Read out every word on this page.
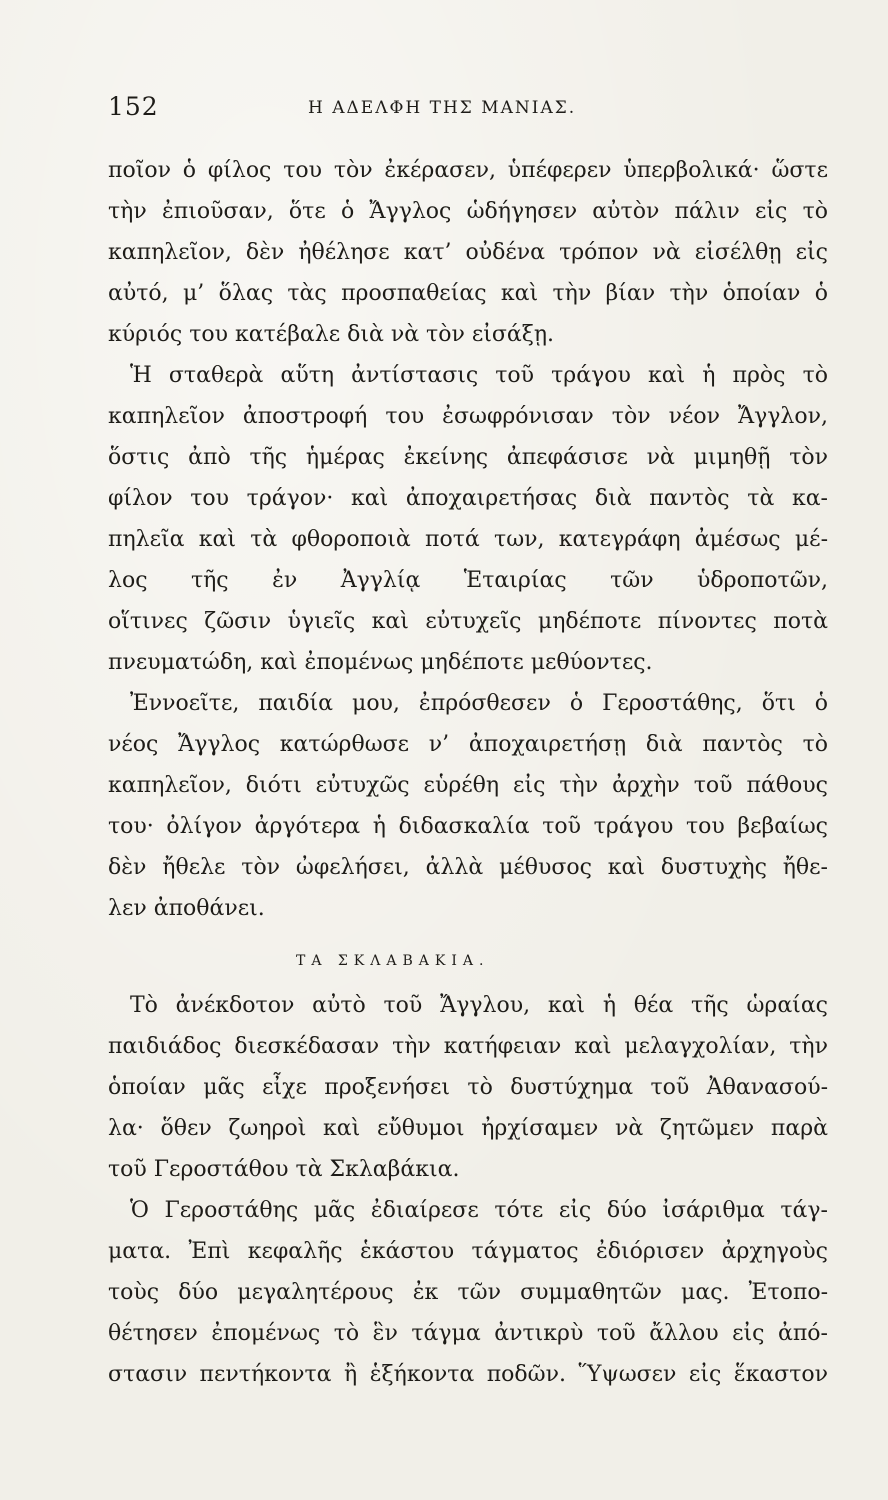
152	Η ΑΔΕΛΦΗ ΤΗΣ ΜΑΝΙΑΣ.
ποῖον ὁ φίλος του τὸν ἐκέρασεν, ὑπέφερεν ὑπερβολικά· ὥστε
τὴν ἐπιοῦσαν, ὅτε ὁ Ἄγγλος ὡδήγησεν αὐτὸν πάλιν εἰς τὸ
καπηλεῖον, δὲν ἠθέλησε κατ’ οὐδένα τρόπον νὰ εἰσέλθῃ εἰς
αὐτό, μ’ ὅλας τὰς προσπαθείας καὶ τὴν βίαν τὴν ὁποίαν ὁ
κύριός του κατέβαλε διὰ νὰ τὸν εἰσάξῃ.
Ἡ σταθερὰ αὕτη ἀντίστασις τοῦ τράγου καὶ ἡ πρὸς τὸ
καπηλεῖον ἀποστροφή του ἐσωφρόνισαν τὸν νέον Ἄγγλον,
ὅστις ἀπὸ τῆς ἡμέρας ἐκείνης ἀπεφάσισε νὰ μιμηθῇ τὸν
φίλον του τράγον· καὶ ἀποχαιρετήσας διὰ παντὸς τὰ κα-
πηλεῖα καὶ τὰ φθοροποιὰ ποτά των, κατεγράφη ἀμέσως μέ-
λος τῆς ἐν Ἀγγλίᾳ Ἑταιρίας τῶν ὑδροποτῶν,
οἵτινες ζῶσιν ὑγιεῖς καὶ εὐτυχεῖς μηδέποτε πίνοντες ποτὰ
πνευματώδη, καὶ ἐπομένως μηδέποτε μεθύοντες.
Ἐννοεῖτε, παιδία μου, ἐπρόσθεσεν ὁ Γεροστάθης, ὅτι ὁ
νέος Ἄγγλος κατώρθωσε ν’ ἀποχαιρετήσῃ διὰ παντὸς τὸ
καπηλεῖον, διότι εὐτυχῶς εὑρέθη εἰς τὴν ἀρχὴν τοῦ πάθους
του· ὀλίγον ἀργότερα ἡ διδασκαλία τοῦ τράγου του βεβαίως
δὲν ἤθελε τὸν ὠφελήσει, ἀλλὰ μέθυσος καὶ δυστυχὴς ἤθε-
λεν ἀποθάνει.
ΤΑ ΣΚΛΑΒΑΚΙΑ.
Τὸ ἀνέκδοτον αὐτὸ τοῦ Ἄγγλου, καὶ ἡ θέα τῆς ὡραίας
παιδιάδος διεσκέδασαν τὴν κατήφειαν καὶ μελαγχολίαν, τὴν
ὁποίαν μᾶς εἶχε προξενήσει τὸ δυστύχημα τοῦ Ἀθανασού-
λα· ὅθεν ζωηροὶ καὶ εὔθυμοι ἠρχίσαμεν νὰ ζητῶμεν παρὰ
τοῦ Γεροστάθου τὰ Σκλαβάκια.
Ὁ Γεροστάθης μᾶς ἐδιαίρεσε τότε εἰς δύο ἰσάριθμα τάγ-
ματα. Ἐπὶ κεφαλῆς ἑκάστου τάγματος ἐδιόρισεν ἀρχηγοὺς
τοὺς δύο μεγαλητέρους ἐκ τῶν συμμαθητῶν μας. Ἐτοπο-
θέτησεν ἐπομένως τὸ ἓν τάγμα ἀντικρὺ τοῦ ἄλλου εἰς ἀπό-
στασιν πεντήκοντα ἢ ἑξήκοντα ποδῶν. Ὕψωσεν εἰς ἕκαστον
